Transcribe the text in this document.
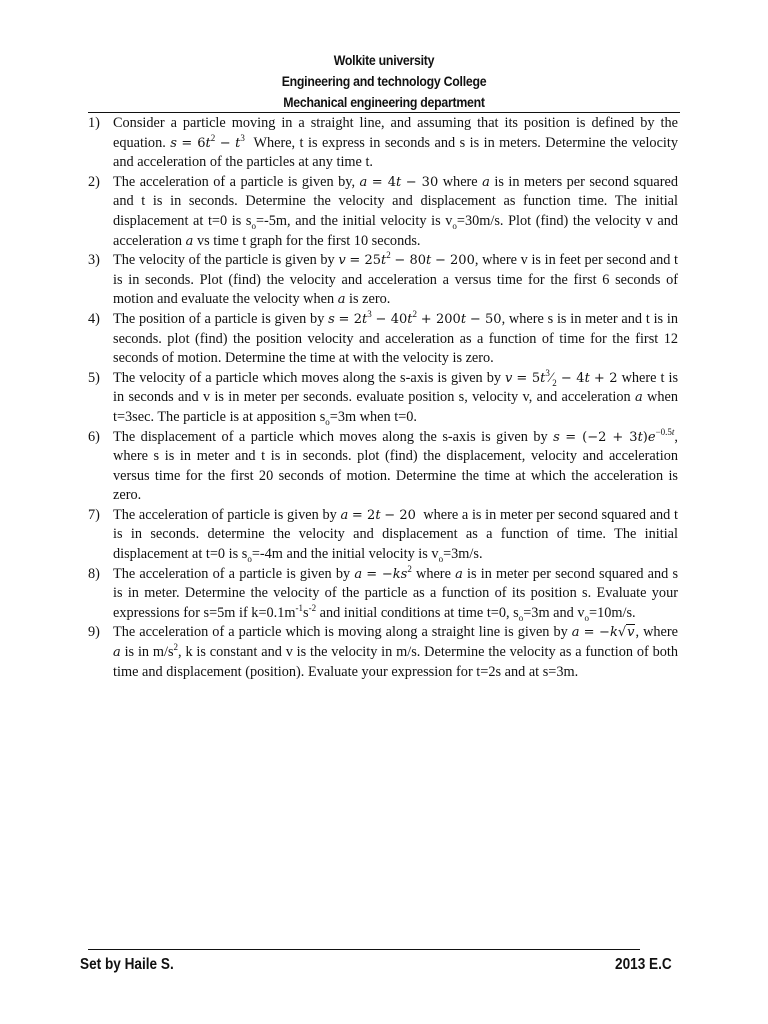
Wolkite university
Engineering and technology College
Mechanical engineering department
1) Consider a particle moving in a straight line, and assuming that its position is defined by the equation. $s = 6t^2 - t^3$  Where, t is express in seconds and s is in meters. Determine the velocity and acceleration of the particles at any time t.
2) The acceleration of a particle is given by, a = 4t − 30 where a is in meters per second squared and t is in seconds. Determine the velocity and displacement as function time. The initial displacement at t=0 is $s_o=-5m$, and the initial velocity is $v_o=30m/s$. Plot (find) the velocity v and acceleration a vs time t graph for the first 10 seconds.
3) The velocity of the particle is given by $v = 25t^2 - 80t - 200$, where v is in feet per second and t is in seconds. Plot (find) the velocity and acceleration a versus time for the first 6 seconds of motion and evaluate the velocity when a is zero.
4) The position of a particle is given by $s = 2t^3 - 40t^2 + 200t - 50$, where s is in meter and t is in seconds. plot (find) the position velocity and acceleration as a function of time for the first 12 seconds of motion. Determine the time at with the velocity is zero.
5) The velocity of a particle which moves along the s-axis is given by $v = 5t^3⁄_2 - 4t + 2$ where t is in seconds and v is in meter per seconds. evaluate position s, velocity v, and acceleration a when t=3sec. The particle is at apposition $s_o=3m$ when t=0.
6) The displacement of a particle which moves along the s-axis is given by $s = (-2 + 3t)e^{-0.5t}$, where s is in meter and t is in seconds. plot (find) the displacement, velocity and acceleration versus time for the first 20 seconds of motion. Determine the time at which the acceleration is zero.
7) The acceleration of particle is given by a = 2t − 20  where a is in meter per second squared and t is in seconds. determine the velocity and displacement as a function of time. The initial displacement at t=0 is $s_o=-4m$ and the initial velocity is $v_o=3m/s$.
8) The acceleration of a particle is given by $a = -ks^2$ where a is in meter per second squared and s is in meter. Determine the velocity of the particle as a function of its position s. Evaluate your expressions for s=5m if $k=0.1m^{-1}s^{-2}$ and initial conditions at time t=0, $s_o=3m$ and $v_o=10m/s$.
9) The acceleration of a particle which is moving along a straight line is given by a = −k√v, where a is in $m/s^2$, k is constant and v is the velocity in m/s. Determine the velocity as a function of both time and displacement (position). Evaluate your expression for t=2s and at s=3m.
Set by Haile S.	2013 E.C
